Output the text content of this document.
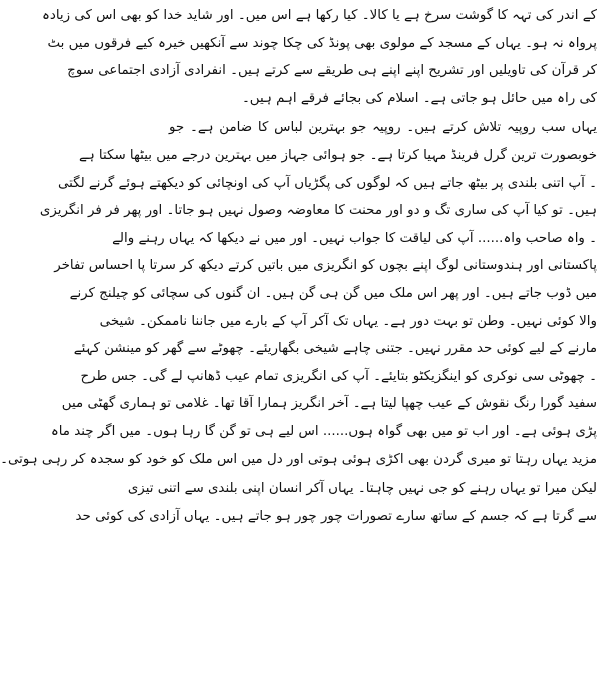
کے اندر کی تہہ کا گوشت سرخ ہے یا کالا۔ کیا رکھا ہے اس میں۔ اور شاید خدا کو بھی اس کی زیادہ
پرواہ نہ ہو۔ یہاں کے مسجد کے مولوی بھی پونڈ کی چکا چوند سے آنکھیں خیرہ کیے فرقوں میں بٹ
کر قرآن کی تاویلیں اور تشریح اپنے اپنے ہی طریقے سے کرتے ہیں۔ انفرادی آزادی اجتماعی سوچ
کی راہ میں حائل ہو جاتی ہے۔ اسلام کی بجائے فرقے اہم ہیں۔
یہاں سب روپیہ تلاش کرتے ہیں۔ روپیہ جو بہترین لباس کا ضامن ہے۔ جو
خوبصورت ترین گرل فرینڈ مہیا کرتا ہے۔ جو ہوائی جہاز میں بہترین درجے میں بیٹھا سکتا ہے
۔ آپ اتنی بلندی پر بیٹھ جاتے ہیں کہ لوگوں کی پگڑیاں آپ کی اونچائی کو دیکھتے ہوئے گرنے لگتی
ہیں۔ تو کیا آپ کی ساری تگ و دو اور محنت کا معاوضہ وصول نہیں ہو جاتا۔ اور پھر فر فر انگریزی
۔ واہ صاحب واہ...... آپ کی لیاقت کا جواب نہیں۔ اور میں نے دیکھا کہ یہاں رہنے والے
پاکستانی اور ہندوستانی لوگ اپنے بچوں کو انگریزی میں باتیں کرتے دیکھ کر سرتا پا احساس تفاخر
میں ڈوب جاتے ہیں۔ اور پھر اس ملک میں گن ہی گن ہیں۔ ان گنوں کی سچائی کو چیلنج کرنے
والا کوئی نہیں۔ وطن تو بہت دور ہے۔ یہاں تک آکر آپ کے بارے میں جاننا ناممکن۔ شیخی
مارنے کے لیے کوئی حد مقرر نہیں۔ جتنی چاہے شیخی بگھاریئے۔ چھوٹے سے گھر کو مینشن کہئے
۔ چھوٹی سی نوکری کو اینگزیکٹو بتایئے۔ آپ کی انگریزی تمام عیب ڈھانپ لے گی۔ جس طرح
سفید گورا رنگ نقوش کے عیب چھپا لیتا ہے۔ آخر انگریز ہمارا آقا تھا۔ غلامی تو ہماری گھٹی میں
پڑی ہوئی ہے۔ اور اب تو میں بھی گواہ ہوں...... اس لیے ہی تو گن گا رہا ہوں۔ میں اگر چند ماہ
مزید یہاں رہتا تو میری گردن بھی اکڑی ہوئی ہوتی اور دل میں اس ملک کو خود کو سجدہ کر رہی ہوتی۔
لیکن میرا تو یہاں رہنے کو جی نہیں چاہتا۔ یہاں آکر انسان اپنی بلندی سے اتنی تیزی
سے گرتا ہے کہ جسم کے ساتھ سارے تصورات چور چور ہو جاتے ہیں۔ یہاں آزادی کی کوئی حد
